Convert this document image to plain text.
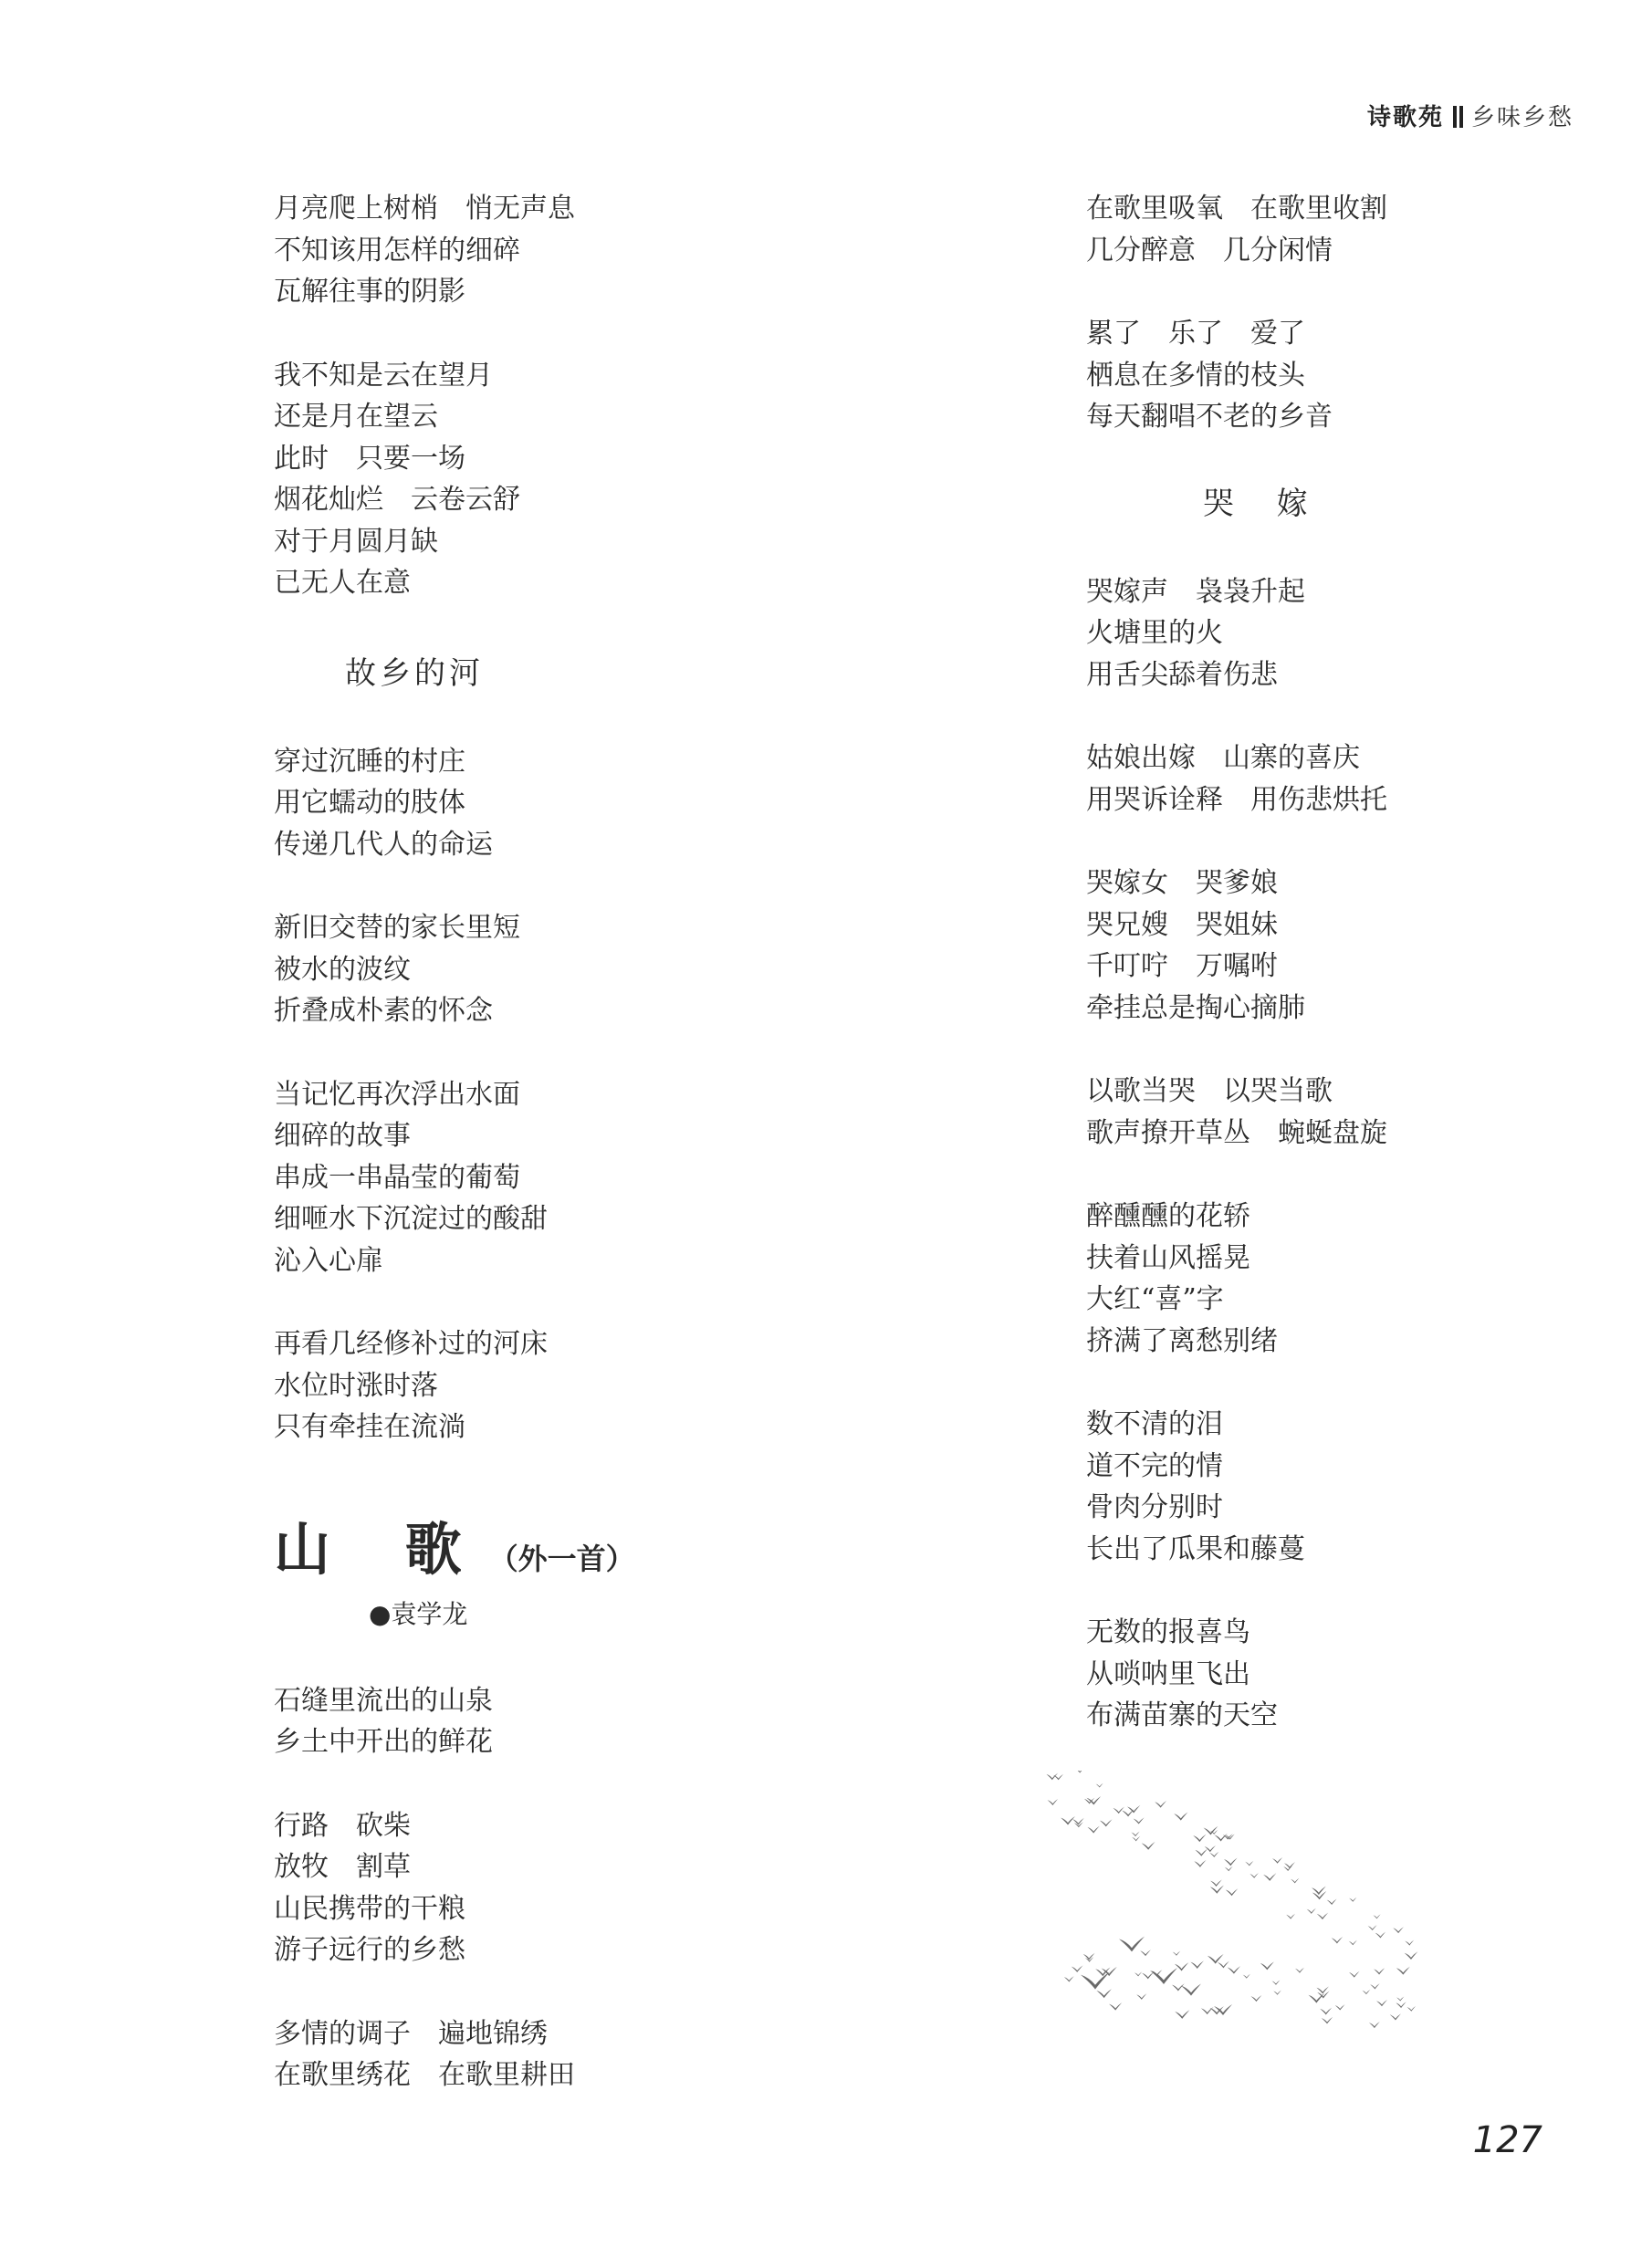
诗歌苑 乡味乡愁
月亮爬上树梢　悄无声息
不知该用怎样的细碎
瓦解往事的阴影
我不知是云在望月
还是月在望云
此时　只要一场
烟花灿烂　云卷云舒
对于月圆月缺
已无人在意
故乡的河
穿过沉睡的村庄
用它蠕动的肢体
传递几代人的命运
新旧交替的家长里短
被水的波纹
折叠成朴素的怀念
当记忆再次浮出水面
细碎的故事
串成一串晶莹的葡萄
细咂水下沉淀过的酸甜
沁入心扉
再看几经修补过的河床
水位时涨时落
只有牵挂在流淌
山 歌（外一首）
●袁学龙
石缝里流出的山泉
乡土中开出的鲜花
行路　砍柴
放牧　割草
山民携带的干粮
游子远行的乡愁
多情的调子　遍地锦绣
在歌里绣花　在歌里耕田
在歌里吸氧　在歌里收割
几分醉意　几分闲情
累了　乐了　爱了
栖息在多情的枝头
每天翻唱不老的乡音
哭 嫁
哭嫁声　袅袅升起
火塘里的火
用舌尖舔着伤悲
姑娘出嫁　山寨的喜庆
用哭诉诠释　用伤悲烘托
哭嫁女　哭爹娘
哭兄嫂　哭姐妹
千叮咛　万嘱咐
牵挂总是掏心摘肺
以歌当哭　以哭当歌
歌声撩开草丛　蜿蜒盘旋
醉醺醺的花轿
扶着山风摇晃
大红“喜”字
挤满了离愁别绪
数不清的泪
道不完的情
骨肉分别时
长出了瓜果和藤蔓
无数的报喜鸟
从唢呐里飞出
布满苗寨的天空
127
